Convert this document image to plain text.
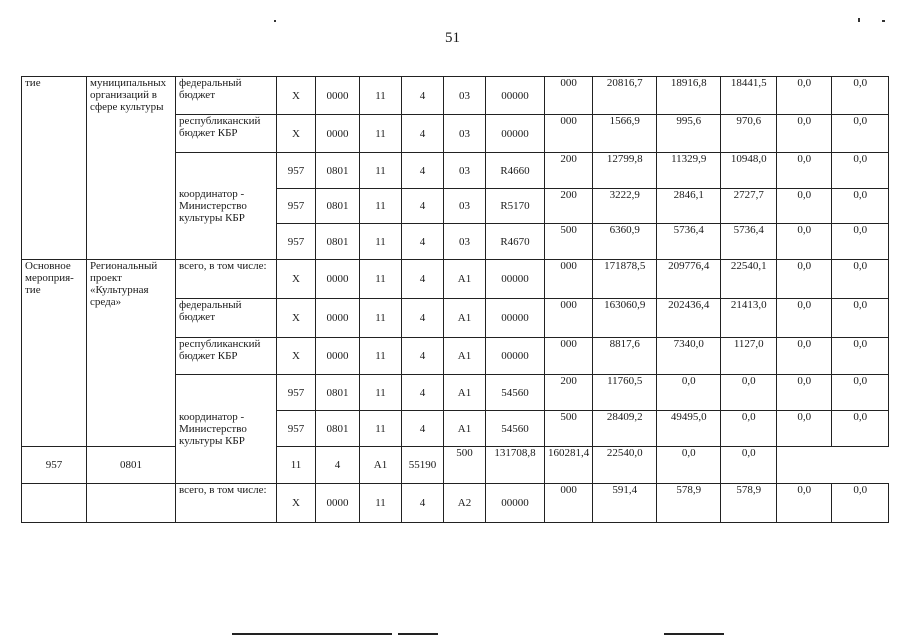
51
тие	муниципальных организаций в сфере культуры	федеральный бюджет	X	0000	11	4	03	00000	000	20816,7	18916,8	18441,5	0,0	0,0
		республиканский бюджет КБР	X	0000	11	4	03	00000	000	1566,9	995,6	970,6	0,0	0,0
		координатор - Министерство культуры КБР	957	0801	11	4	03	R4660	200	12799,8	11329,9	10948,0	0,0	0,0
			957	0801	11	4	03	R5170	200	3222,9	2846,1	2727,7	0,0	0,0
			957	0801	11	4	03	R4670	500	6360,9	5736,4	5736,4	0,0	0,0
Основное мероприя-тие	Региональный проект «Культурная среда»	всего, в том числе:	X	0000	11	4	A1	00000	000	171878,5	209776,4	22540,1	0,0	0,0
		федеральный бюджет	X	0000	11	4	A1	00000	000	163060,9	202436,4	21413,0	0,0	0,0
		республиканский бюджет КБР	X	0000	11	4	A1	00000	000	8817,6	7340,0	1127,0	0,0	0,0
		координатор - Министерство культуры КБР	957	0801	11	4	A1	54560	200	11760,5	0,0	0,0	0,0	0,0
			957	0801	11	4	A1	54560	500	28409,2	49495,0	0,0	0,0	0,0
957	0801		11	4	A1	55190	500	131708,8	160281,4	22540,0	0,0	0,0		
		всего, в том числе:	X	0000	11	4	A2	00000	000	591,4	578,9	578,9	0,0	0,0
